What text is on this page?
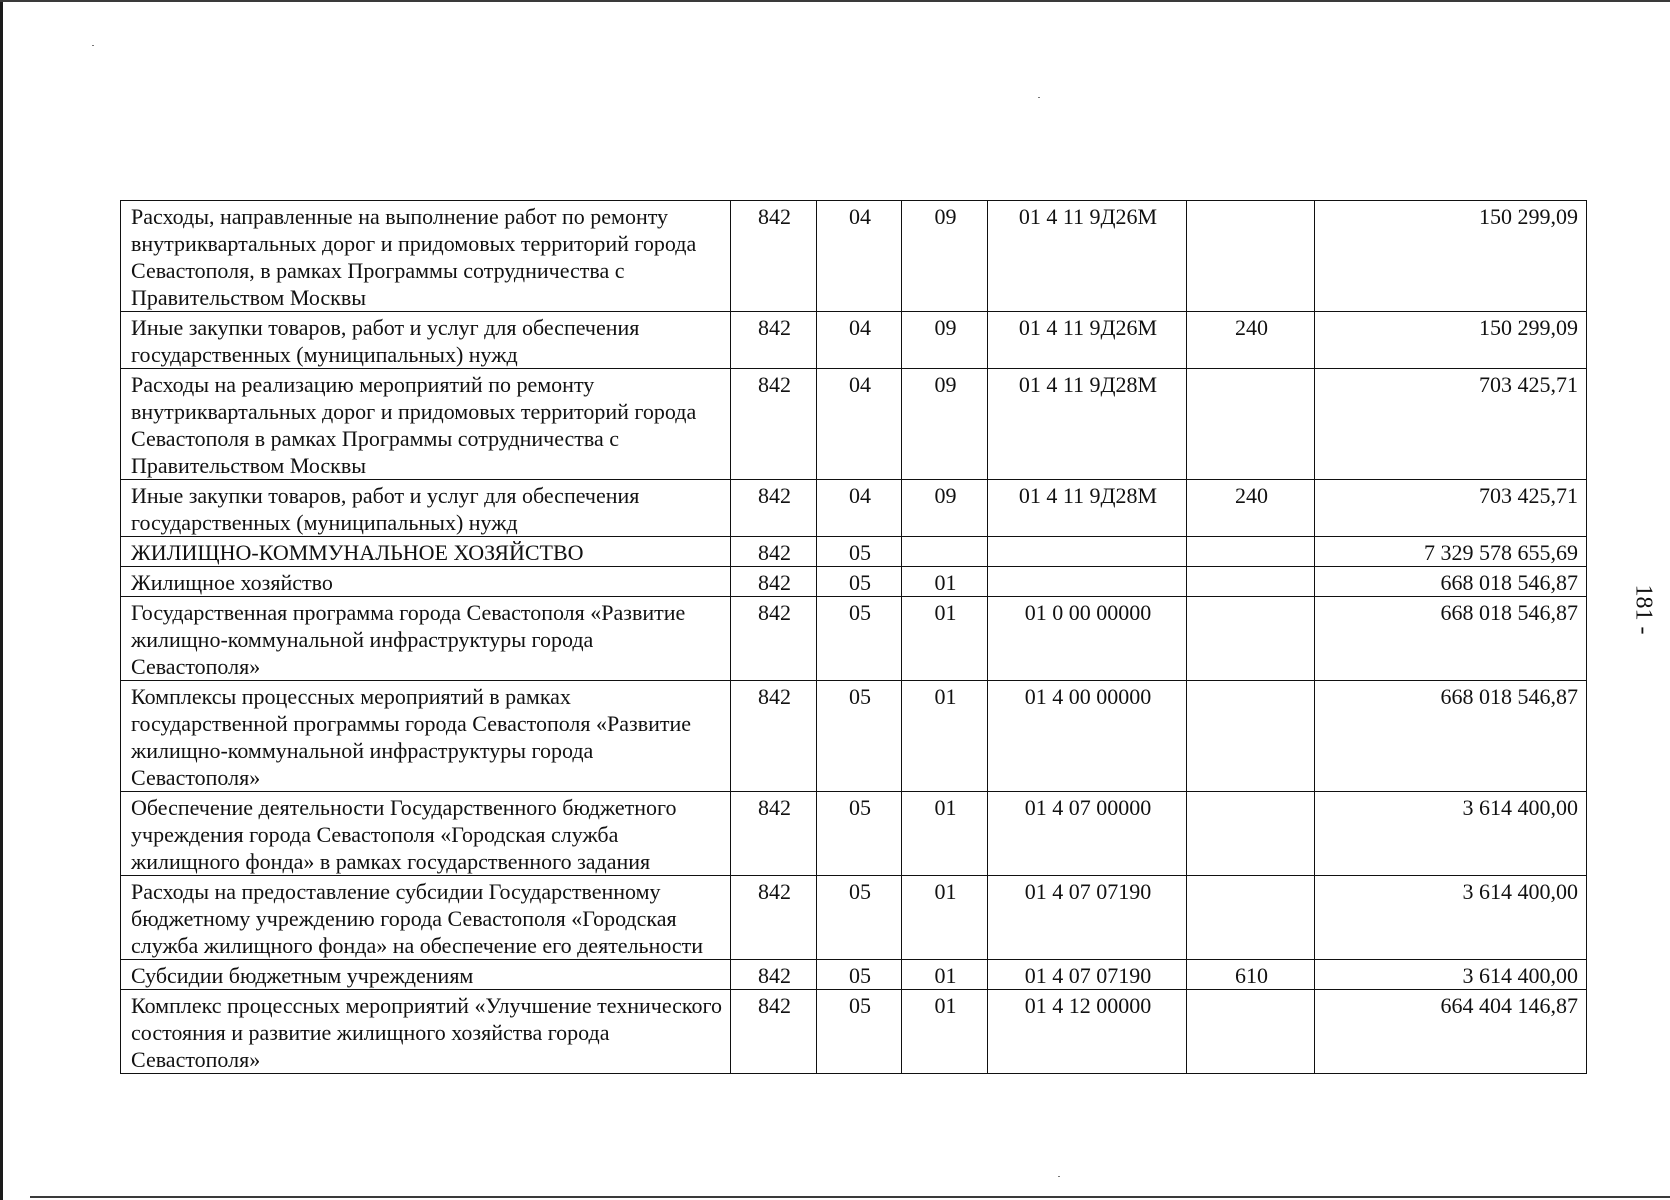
Расходы, направленные на выполнение работ по ремонту внутриквартальных дорог и придомовых территорий города Севастополя, в рамках Программы сотрудничества с Правительством Москвы	842	04	09	01 4 11 9Д26М		150 299,09
Иные закупки товаров, работ и услуг для обеспечения государственных (муниципальных) нужд	842	04	09	01 4 11 9Д26М	240	150 299,09
Расходы на реализацию мероприятий по ремонту внутриквартальных дорог и придомовых территорий города Севастополя в рамках Программы сотрудничества с Правительством Москвы	842	04	09	01 4 11 9Д28М		703 425,71
Иные закупки товаров, работ и услуг для обеспечения государственных (муниципальных) нужд	842	04	09	01 4 11 9Д28М	240	703 425,71
ЖИЛИЩНО-КОММУНАЛЬНОЕ ХОЗЯЙСТВО	842	05				7 329 578 655,69
Жилищное хозяйство	842	05	01			668 018 546,87
Государственная программа города Севастополя «Развитие жилищно-коммунальной инфраструктуры города Севастополя»	842	05	01	01 0 00 00000		668 018 546,87
Комплексы процессных мероприятий в рамках государственной программы города Севастополя «Развитие жилищно-коммунальной инфраструктуры города Севастополя»	842	05	01	01 4 00 00000		668 018 546,87
Обеспечение деятельности Государственного бюджетного учреждения города Севастополя «Городская служба жилищного фонда» в рамках государственного задания	842	05	01	01 4 07 00000		3 614 400,00
Расходы на предоставление субсидии Государственному бюджетному учреждению города Севастополя «Городская служба жилищного фонда» на обеспечение его деятельности	842	05	01	01 4 07 07190		3 614 400,00
Субсидии бюджетным учреждениям	842	05	01	01 4 07 07190	610	3 614 400,00
Комплекс процессных мероприятий «Улучшение технического состояния и развитие жилищного хозяйства города Севастополя»	842	05	01	01 4 12 00000		664 404 146,87
181 -
